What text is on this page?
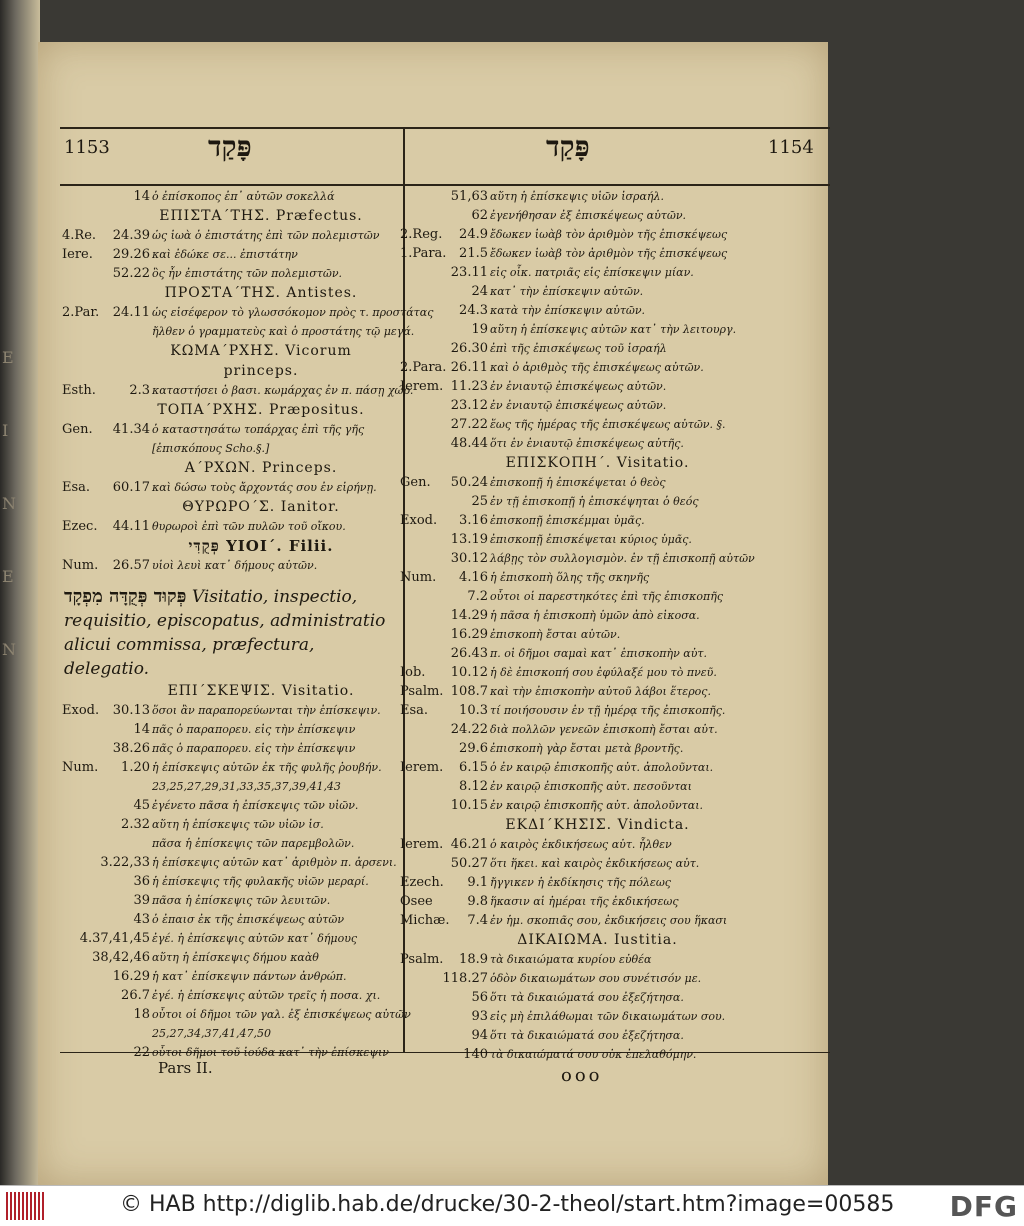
1153	פָּקַד	פָּקַד	1154
14 ὁ ἐπίσκοπος ἐπ᾽ αὐτῶν σοκελλά
ΕΠΙΣΤΑ΄ΤΗΣ. Præfectus.
4.Re. 24.39 ὡς ἰωὰ ὁ ἐπιστάτης ἐπὶ τῶν πολεμιστῶν
Iere. 29.26 καὶ ἐδώκε σε... ἐπιστάτην
52.22 ὃς ἦν ἐπιστάτης τῶν πολεμιστῶν.
ΠΡΟΣΤΑ΄ΤΗΣ. Antistes.
2.Par. 24.11 ὡς εἰσέφερον τὸ γλωσσόκομον πρὸς τ. προστάτας
ἤλθεν ὁ γραμματεὺς καὶ ὁ προστάτης τῷ μεγά.
ΚΩΜΑ΄ΡΧΗΣ. Vicorum
princeps.
Esth.	2.3 καταστήσει ὁ βασι. κωμάρχας ἐν π. πάσῃ χώρ.
ΤΟΠΑ΄ΡΧΗΣ. Præpositus.
Gen. 41.34 ὁ καταστησάτω τοπάρχας ἐπὶ τῆς γῆς
[ἐπισκόπους Scho.§.]
Α΄ΡΧΩΝ. Princeps.
Esa. 60.17 καὶ δώσω τοὺς ἄρχοντάς σου ἐν εἰρήνῃ.
ΘΥΡΩΡΟ΄Σ. Ianitor.
Ezec. 44.11 θυρωροὶ ἐπὶ τῶν πυλῶν τοῦ οἴκου.
פְּקֻדִּי ΥΙΟΙ΄. Filii.
Num. 26.57 υἱοὶ λευὶ κατ᾽ δήμους αὐτῶν.
פְּקוּד פְּקֻדָּה מִפְקָד Visitatio, inspectio, requisitio, episcopatus, administratio alicui commissa, præfectura, delegatio.
ΕΠΙ΄ΣΚΕΨΙΣ. Visitatio.
Exod. 30.13 ὅσοι ἂν παραπορεύωνται τὴν ἐπίσκεψιν.
14 πᾶς ὁ παραπορευ. εἰς τὴν ἐπίσκεψιν
38.26 πᾶς ὁ παραπορευ. εἰς τὴν ἐπίσκεψιν
Num. 1.20 ἡ ἐπίσκεψις αὐτῶν ἐκ τῆς φυλῆς ῥουβήν.
23,25,27,29,31,33,35,37,39,41,43
45 ἐγένετο πᾶσα ἡ ἐπίσκεψις τῶν υἱῶν.
2.32 αὕτη ἡ ἐπίσκεψις τῶν υἱῶν ἰσ.
πᾶσα ἡ ἐπίσκεψις τῶν παρεμβολῶν.
3.22,33 ἡ ἐπίσκεψις αὐτῶν κατ᾽ ἀριθμὸν π. ἀρσενι.
36 ἡ ἐπίσκεψις τῆς φυλακῆς υἱῶν μεραρί.
39 πᾶσα ἡ ἐπίσκεψις τῶν λευιτῶν.
43 ὁ ἐπαισ ἐκ τῆς ἐπισκέψεως αὐτῶν
4.37,41,45 ἐγέ. ἡ ἐπίσκεψις αὐτῶν κατ᾽ δήμους
38,42,46 αὕτη ἡ ἐπίσκεψις δήμου καὰθ
16.29 ἡ κατ᾽ ἐπίσκεψιν πάντων ἀνθρώπ.
26.7 ἐγέ. ἡ ἐπίσκεψις αὐτῶν τρεῖς ἡ ποσα. χι.
18 οὗτοι οἱ δῆμοι τῶν γαλ. ἐξ ἐπισκέψεως αὐτῶν
25,27,34,37,41,47,50
22 οὗτοι δῆμοι τοῦ ἰούδα κατ᾽ τὴν ἐπίσκεψιν
51,63 αὕτη ἡ ἐπίσκεψις υἱῶν ἰσραήλ.
62 ἐγενήθησαν ἐξ ἐπισκέψεως αὐτῶν.
2.Reg. 24.9 ἔδωκεν ἰωὰβ τὸν ἀριθμὸν τῆς ἐπισκέψεως
1.Para. 21.5 ἔδωκεν ἰωὰβ τὸν ἀριθμὸν τῆς ἐπισκέψεως
23.11 εἰς οἶκ. πατριᾶς εἰς ἐπίσκεψιν μίαν.
24 κατ᾽ τὴν ἐπίσκεψιν αὐτῶν.
24.3 κατὰ τὴν ἐπίσκεψιν αὐτῶν.
19 αὕτη ἡ ἐπίσκεψις αὐτῶν κατ᾽ τὴν λειτουργ.
26.30 ἐπὶ τῆς ἐπισκέψεως τοῦ ἰσραήλ
2.Para. 26.11 καὶ ὁ ἀριθμὸς τῆς ἐπισκέψεως αὐτῶν.
Ierem. 11.23 ἐν ἐνιαυτῷ ἐπισκέψεως αὐτῶν.
23.12 ἐν ἐνιαυτῷ ἐπισκέψεως αὐτῶν.
27.22 ἕως τῆς ἡμέρας τῆς ἐπισκέψεως αὐτῶν. §.
48.44 ὅτι ἐν ἐνιαυτῷ ἐπισκέψεως αὐτῆς.
ΕΠΙΣΚΟΠΗ΄. Visitatio.
Gen. 50.24 ἐπισκοπῇ ἡ ἐπισκέψεται ὁ θεὸς
25 ἐν τῇ ἐπισκοπῇ ἡ ἐπισκέψηται ὁ θεός
Exod. 3.16 ἐπισκοπῇ ἐπισκέμμαι ὑμᾶς.
13.19 ἐπισκοπῇ ἐπισκέψεται κύριος ὑμᾶς.
30.12 λάβῃς τὸν συλλογισμὸν. ἐν τῇ ἐπισκοπῇ αὐτῶν
Num. 4.16 ἡ ἐπισκοπὴ ὅλης τῆς σκηνῆς
7.2 οὗτοι οἱ παρεστηκότες ἐπὶ τῆς ἐπισκοπῆς
14.29 ἡ πᾶσα ἡ ἐπισκοπὴ ὑμῶν ἀπὸ εἰκοσα.
16.29 ἐπισκοπὴ ἔσται αὐτῶν.
26.43 π. οἱ δῆμοι σαμαὶ κατ᾽ ἐπισκοπὴν αὐτ.
Iob. 10.12 ἡ δὲ ἐπισκοπή σου ἐφύλαξέ μου τὸ πνεῦ.
Psalm. 108.7 καὶ τὴν ἐπισκοπὴν αὐτοῦ λάβοι ἕτερος.
Esa. 10.3 τί ποιήσουσιν ἐν τῇ ἡμέρᾳ τῆς ἐπισκοπῆς.
24.22 διὰ πολλῶν γενεῶν ἐπισκοπὴ ἔσται αὐτ.
29.6 ἐπισκοπὴ γὰρ ἔσται μετὰ βροντῆς.
Ierem. 6.15 ὁ ἐν καιρῷ ἐπισκοπῆς αὐτ. ἀπολοῦνται.
8.12 ἐν καιρῷ ἐπισκοπῆς αὐτ. πεσοῦνται
10.15 ἐν καιρῷ ἐπισκοπῆς αὐτ. ἀπολοῦνται.
ΕΚΔΙ΄ΚΗΣΙΣ. Vindicta.
Ierem. 46.21 ὁ καιρὸς ἐκδικήσεως αὐτ. ἦλθεν
50.27 ὅτι ἥκει. καὶ καιρὸς ἐκδικήσεως αὐτ.
Ezech. 9.1 ἤγγικεν ἡ ἐκδίκησις τῆς πόλεως
Osee	9.8 ἥκασιν αἱ ἡμέραι τῆς ἐκδικήσεως
Michæ. 7.4 ἐν ἡμ. σκοπιᾶς σου, ἐκδικήσεις σου ἥκασι
ΔΙΚΑΙΩΜΑ. Iustitia.
Psalm. 18.9 τὰ δικαιώματα κυρίου εὐθέα
118.27 ὁδὸν δικαιωμάτων σου συνέτισόν με.
56 ὅτι τὰ δικαιώματά σου ἐξεζήτησα.
93 εἰς μὴ ἐπιλάθωμαι τῶν δικαιωμάτων σου.
94 ὅτι τὰ δικαιώματά σου ἐξεζήτησα.
140 τὰ δικαιώματά σου οὐκ ἐπελαθόμην.
Pars II.	ooo
E
I
N
E
N
© HAB http://diglib.hab.de/drucke/30-2-theol/start.htm?image=00585 DFG
